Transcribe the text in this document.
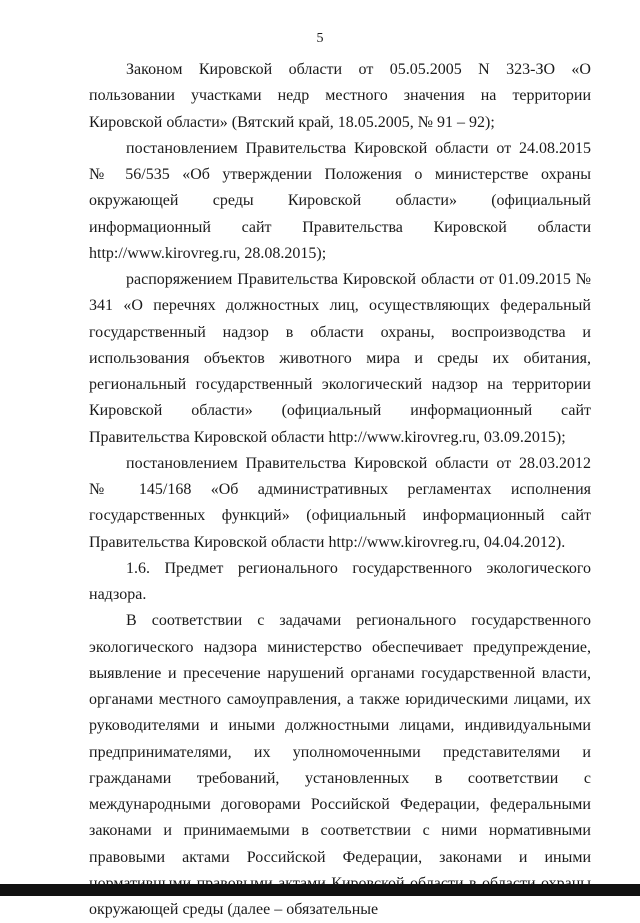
5

Законом Кировской области от 05.05.2005 N 323-ЗО «О пользовании участками недр местного значения на территории Кировской области» (Вятский край, 18.05.2005, № 91 – 92);

постановлением Правительства Кировской области от 24.08.2015 № 56/535 «Об утверждении Положения о министерстве охраны окружающей среды Кировской области» (официальный информационный сайт Правительства Кировской области http://www.kirovreg.ru, 28.08.2015);

распоряжением Правительства Кировской области от 01.09.2015 № 341 «О перечнях должностных лиц, осуществляющих федеральный государственный надзор в области охраны, воспроизводства и использования объектов животного мира и среды их обитания, региональный государственный экологический надзор на территории Кировской области» (официальный информационный сайт Правительства Кировской области http://www.kirovreg.ru, 03.09.2015);

постановлением Правительства Кировской области от 28.03.2012 № 145/168 «Об административных регламентах исполнения государственных функций» (официальный информационный сайт Правительства Кировской области http://www.kirovreg.ru, 04.04.2012).

1.6. Предмет регионального государственного экологического надзора.

В соответствии с задачами регионального государственного экологического надзора министерство обеспечивает предупреждение, выявление и пресечение нарушений органами государственной власти, органами местного самоуправления, а также юридическими лицами, их руководителями и иными должностными лицами, индивидуальными предпринимателями, их уполномоченными представителями и гражданами требований, установленных в соответствии с международными договорами Российской Федерации, федеральными законами и принимаемыми в соответствии с ними нормативными правовыми актами Российской Федерации, законами и иными окружающей среды (далее – обязательные
